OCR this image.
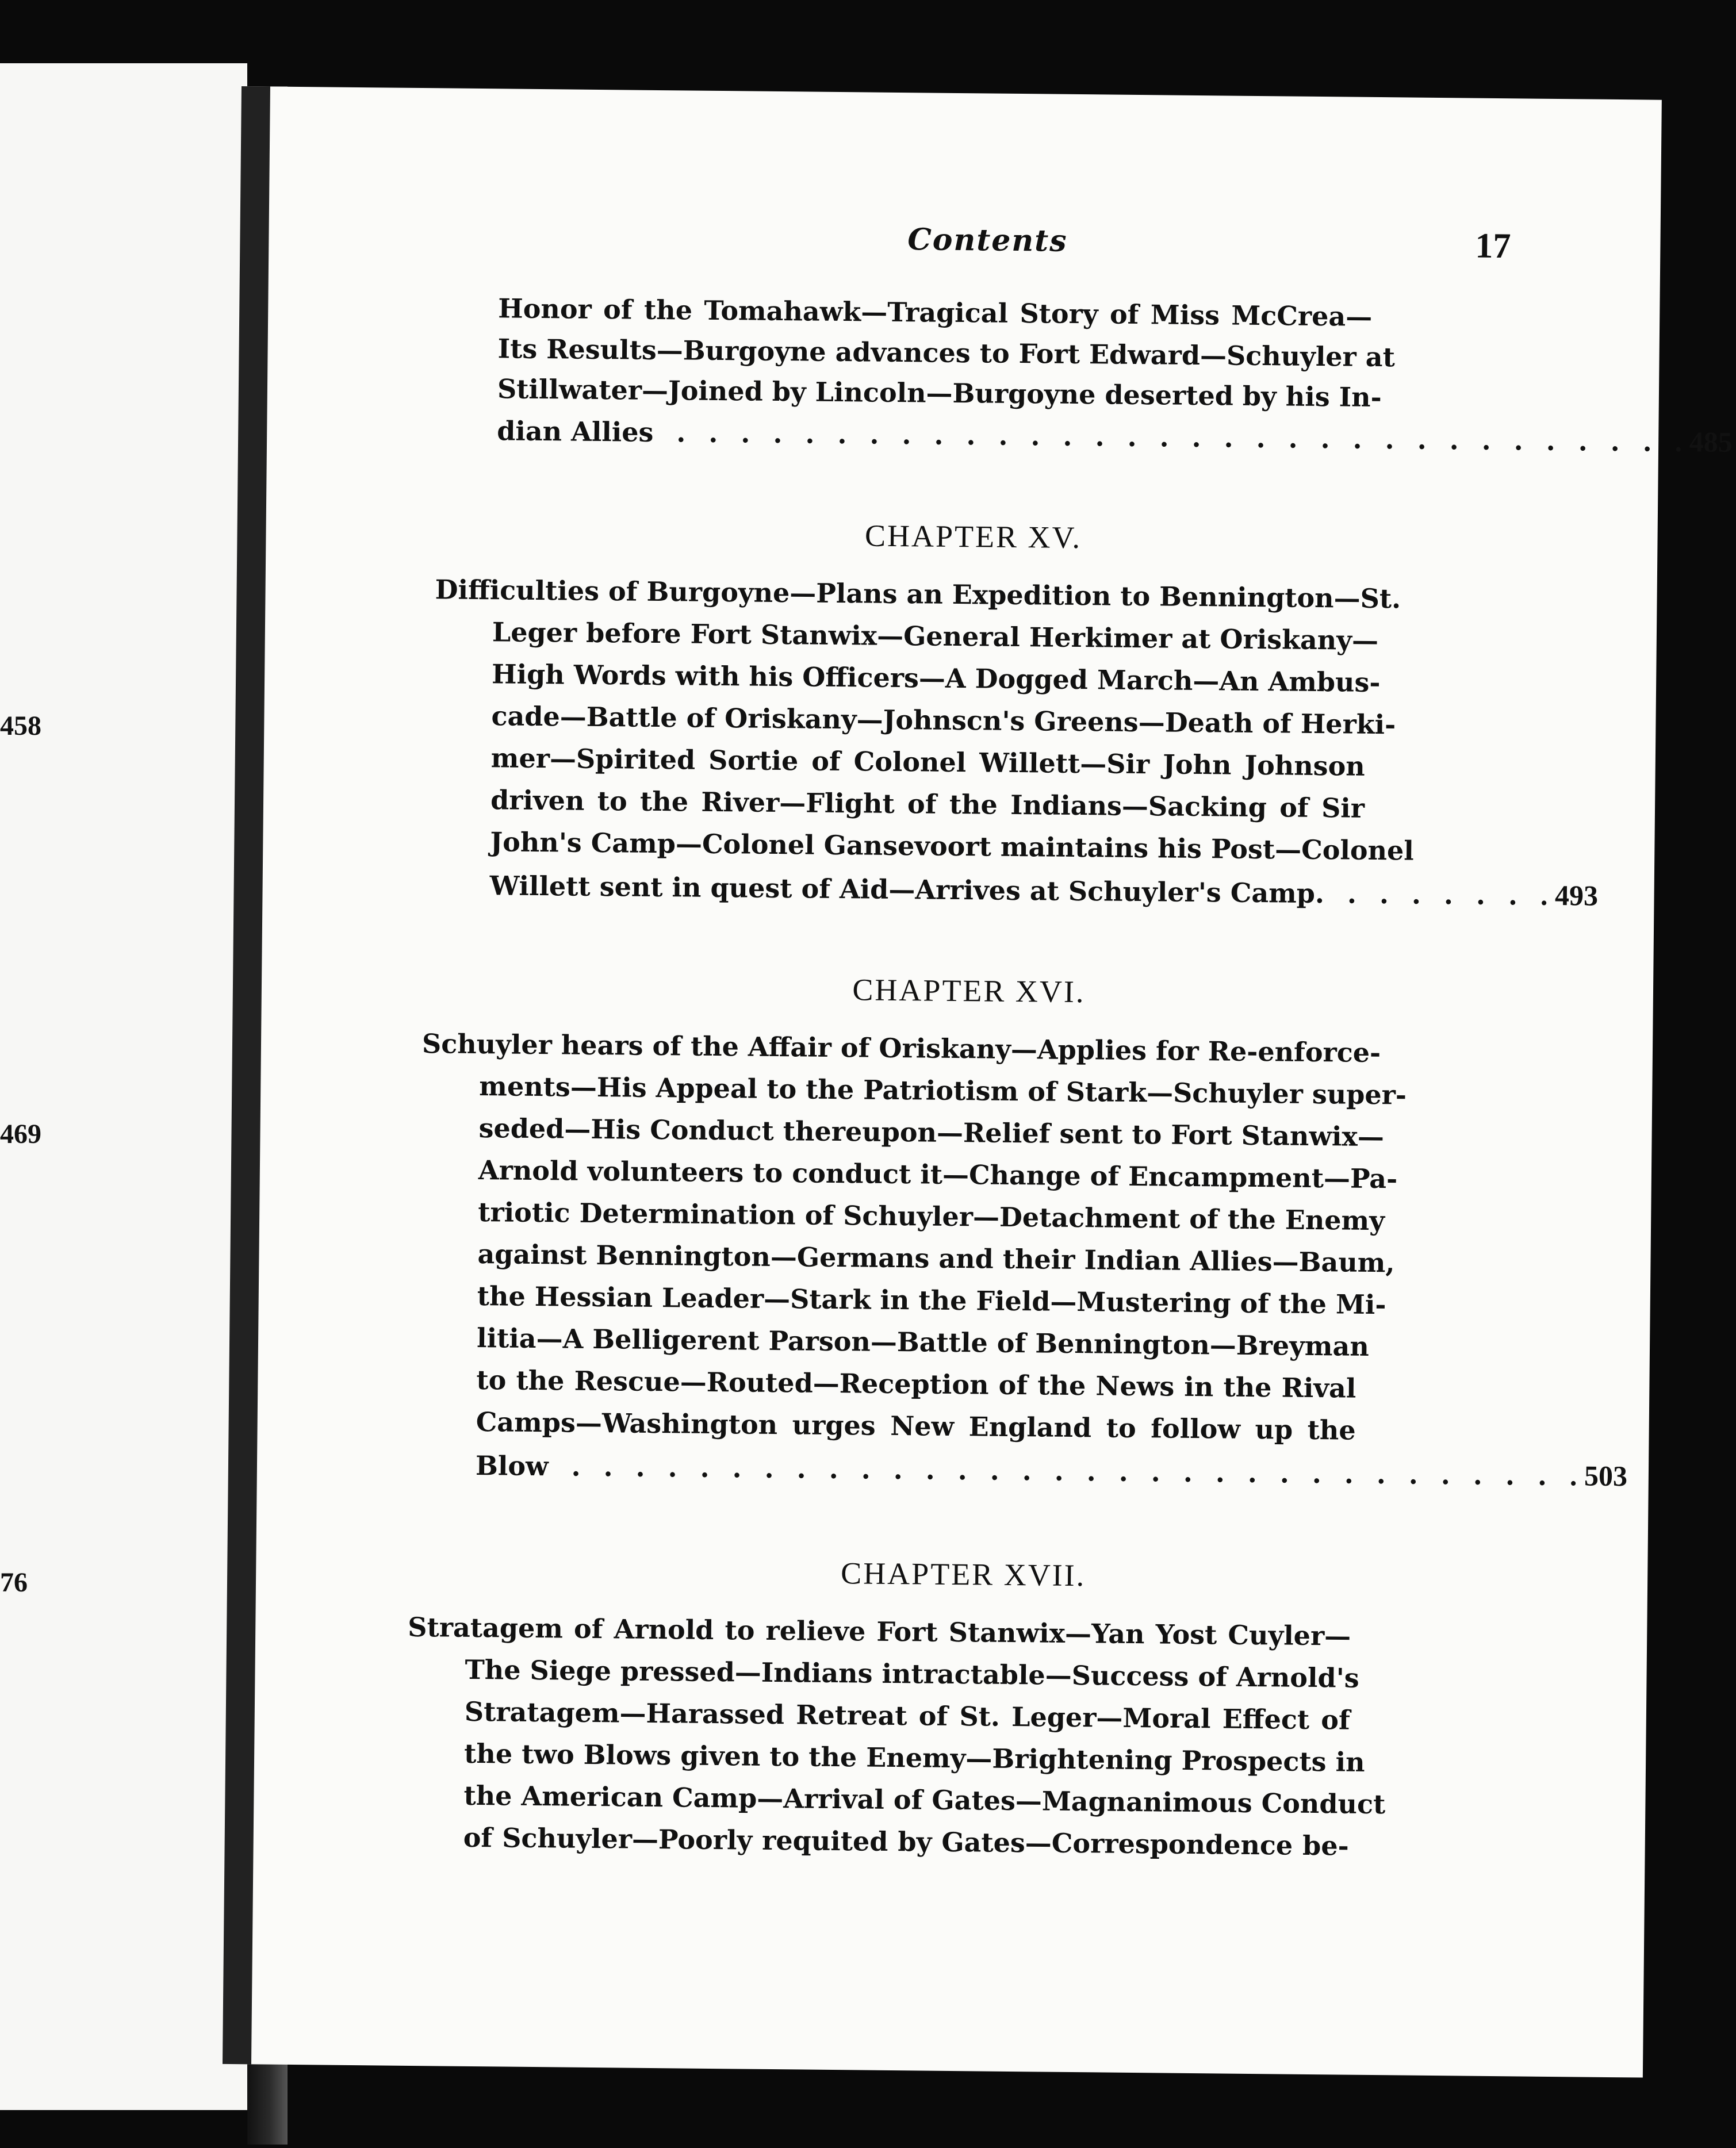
458
469
76
Contents	17
Honor of the Tomahawk—Tragical Story of Miss McCrea—
Its Results—Burgoyne advances to Fort Edward—Schuyler at
Stillwater—Joined by Lincoln—Burgoyne deserted by his In-
dian Allies ............................... . 485
CHAPTER XV.
Difficulties of Burgoyne—Plans an Expedition to Bennington—St.
Leger before Fort Stanwix—General Herkimer at Oriskany—
High Words with his Officers—A Dogged March—An Ambus-
cade—Battle of Oriskany—Johnscn's Greens—Death of Herki-
mer—Spirited Sortie of Colonel Willett—Sir John Johnson
driven to the River—Flight of the Indians—Sacking of Sir
John's Camp—Colonel Gansevoort maintains his Post—Colonel
Willett sent in quest of Aid—Arrives at Schuyler's Camp. ...... . 493
CHAPTER XVI.
Schuyler hears of the Affair of Oriskany—Applies for Re-enforce-
ments—His Appeal to the Patriotism of Stark—Schuyler super-
seded—His Conduct thereupon—Relief sent to Fort Stanwix—
Arnold volunteers to conduct it—Change of Encampment—Pa-
triotic Determination of Schuyler—Detachment of the Enemy
against Bennington—Germans and their Indian Allies—Baum,
the Hessian Leader—Stark in the Field—Mustering of the Mi-
litia—A Belligerent Parson—Battle of Bennington—Breyman
to the Rescue—Routed—Reception of the News in the Rival
Camps—Washington urges New England to follow up the
Blow ............................... . 503
CHAPTER XVII.
Stratagem of Arnold to relieve Fort Stanwix—Yan Yost Cuyler—
The Siege pressed—Indians intractable—Success of Arnold's
Stratagem—Harassed Retreat of St. Leger—Moral Effect of
the two Blows given to the Enemy—Brightening Prospects in
the American Camp—Arrival of Gates—Magnanimous Conduct
of Schuyler—Poorly requited by Gates—Correspondence be-
